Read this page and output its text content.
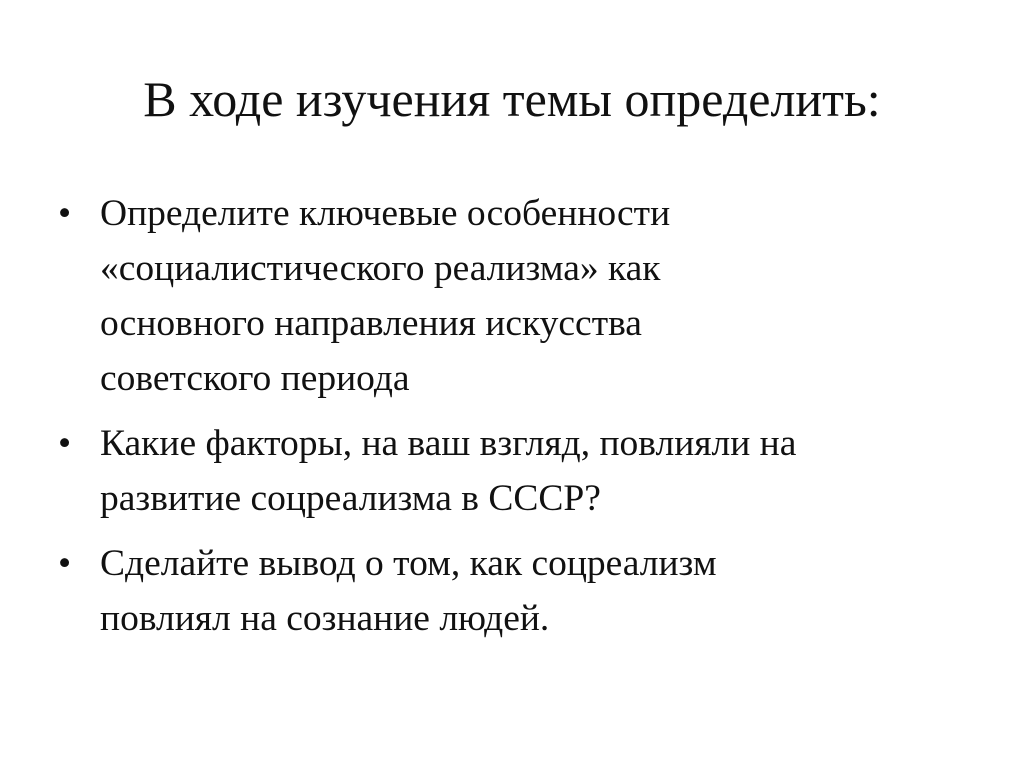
В ходе изучения темы определить:
• Определите ключевые особенности
«социалистического реализма» как
основного направления искусства
советского периода
• Какие факторы, на ваш взгляд, повлияли на
развитие соцреализма в СССР?
• Сделайте вывод о том, как соцреализм
повлиял на сознание людей.
